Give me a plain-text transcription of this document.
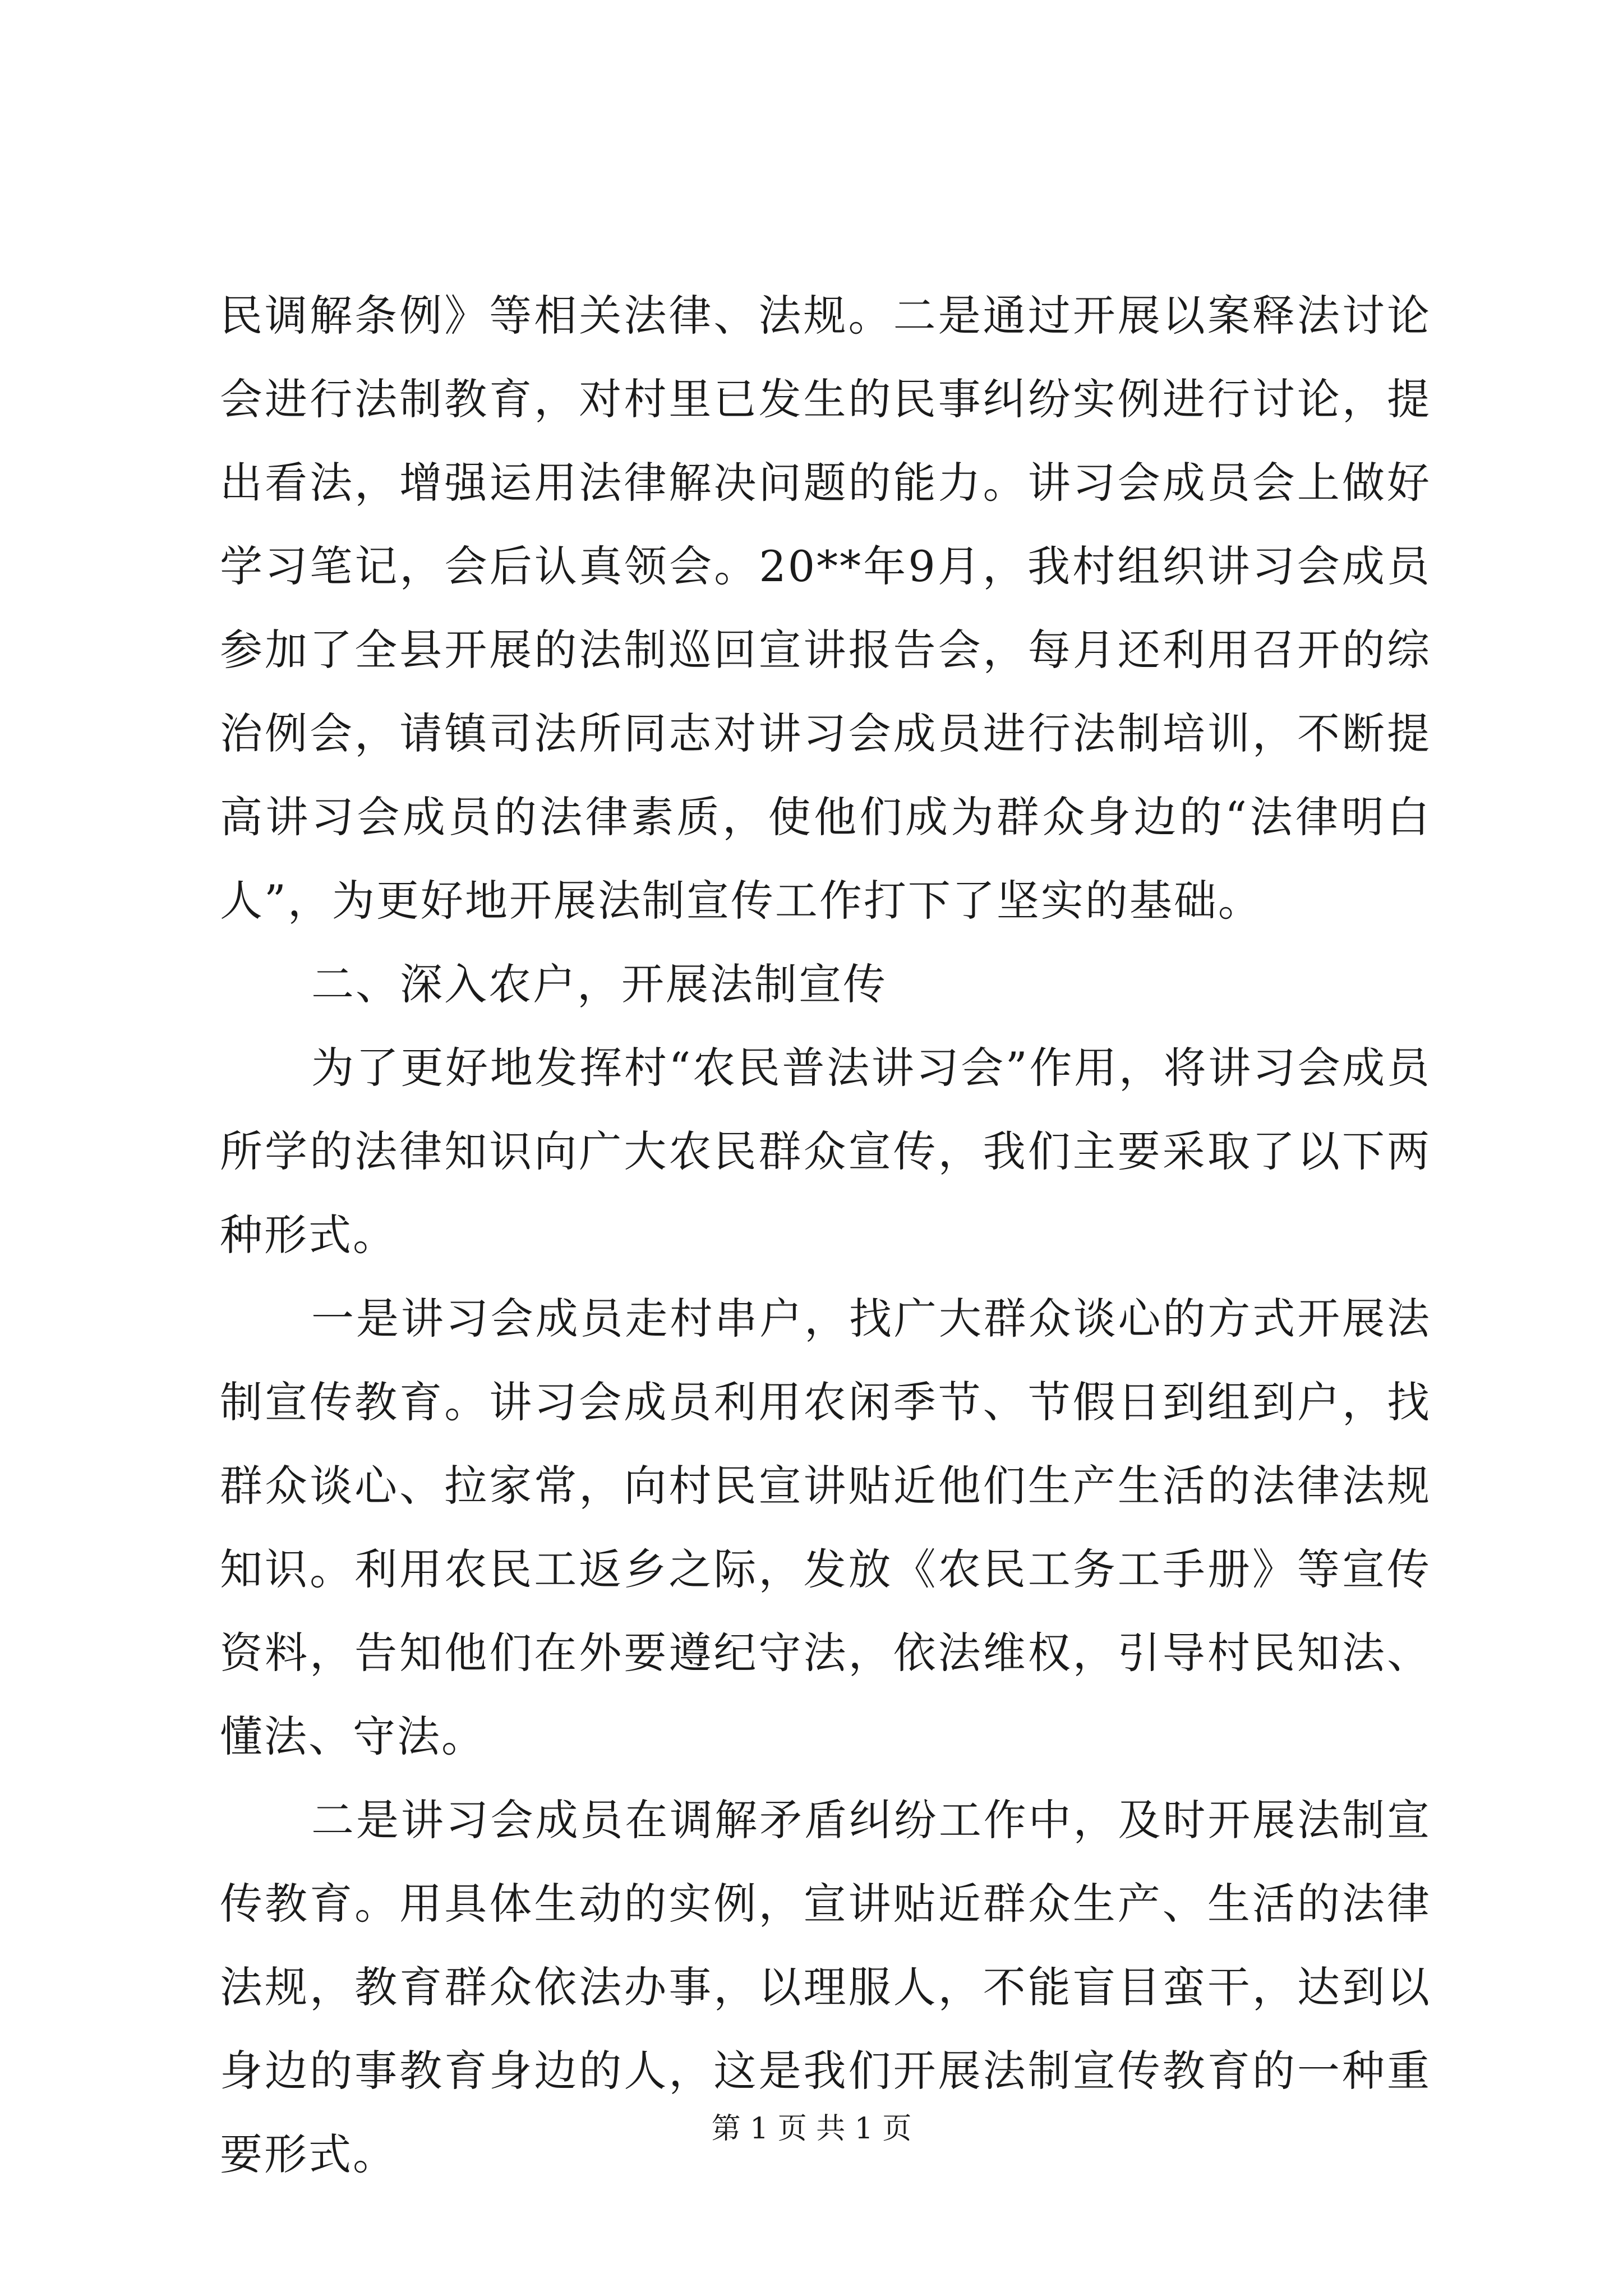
民调解条例》等相关法律、法规。二是通过开展以案释法讨论会进行法制教育，对村里已发生的民事纠纷实例进行讨论，提出看法，增强运用法律解决问题的能力。讲习会成员会上做好学习笔记，会后认真领会。20**年9月，我村组织讲习会成员参加了全县开展的法制巡回宣讲报告会，每月还利用召开的综治例会，请镇司法所同志对讲习会成员进行法制培训，不断提高讲习会成员的法律素质，使他们成为群众身边的“法律明白人”，为更好地开展法制宣传工作打下了坚实的基础。

二、深入农户，开展法制宣传

为了更好地发挥村“农民普法讲习会”作用，将讲习会成员所学的法律知识向广大农民群众宣传，我们主要采取了以下两种形式。

一是讲习会成员走村串户，找广大群众谈心的方式开展法制宣传教育。讲习会成员利用农闲季节、节假日到组到户，找群众谈心、拉家常，向村民宣讲贴近他们生产生活的法律法规知识。利用农民工返乡之际，发放《农民工务工手册》等宣传资料，告知他们在外要遵纪守法，依法维权，引导村民知法、懂法、守法。

二是讲习会成员在调解矛盾纠纷工作中，及时开展法制宣传教育。用具体生动的实例，宣讲贴近群众生产、生活的法律法规，教育群众依法办事，以理服人，不能盲目蛮干，达到以身边的事教育身边的人，这是我们开展法制宣传教育的一种重要形式。

第 1 页 共 1 页
